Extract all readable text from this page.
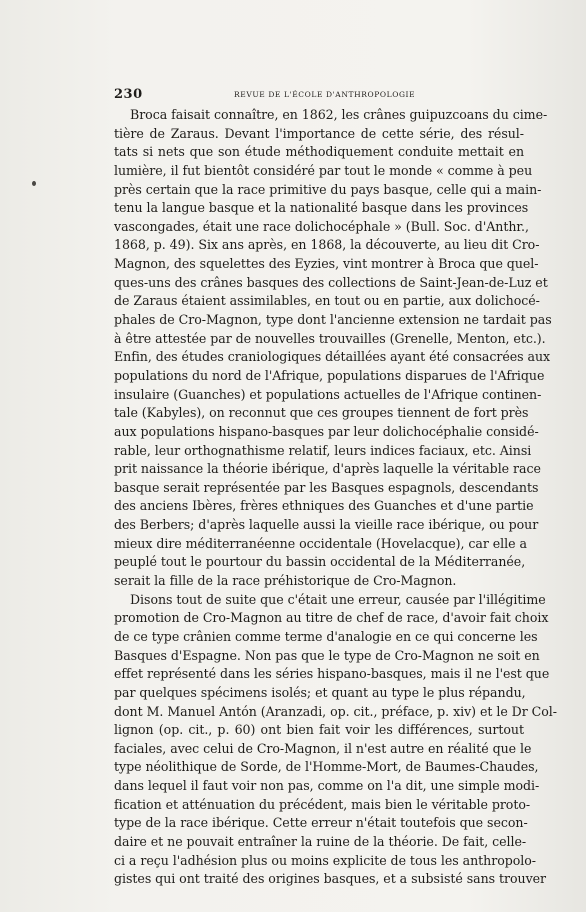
230	REVUE DE L'ÉCOLE D'ANTHROPOLOGIE
Broca faisait connaître, en 1862, les crânes guipuzcoans du cime-
tière de Zaraus. Devant l'importance de cette série, des résul-
tats si nets que son étude méthodiquement conduite mettait en
lumière, il fut bientôt considéré par tout le monde « comme à peu
près certain que la race primitive du pays basque, celle qui a main-
tenu la langue basque et la nationalité basque dans les provinces
vascongades, était une race dolichocéphale » (Bull. Soc. d'Anthr.,
1868, p. 49). Six ans après, en 1868, la découverte, au lieu dit Cro-
Magnon, des squelettes des Eyzies, vint montrer à Broca que quel-
ques-uns des crânes basques des collections de Saint-Jean-de-Luz et
de Zaraus étaient assimilables, en tout ou en partie, aux dolichocé-
phales de Cro-Magnon, type dont l'ancienne extension ne tardait pas
à être attestée par de nouvelles trouvailles (Grenelle, Menton, etc.).
Enfin, des études craniologiques détaillées ayant été consacrées aux
populations du nord de l'Afrique, populations disparues de l'Afrique
insulaire (Guanches) et populations actuelles de l'Afrique continen-
tale (Kabyles), on reconnut que ces groupes tiennent de fort près
aux populations hispano-basques par leur dolichocéphalie considé-
rable, leur orthognathisme relatif, leurs indices faciaux, etc. Ainsi
prit naissance la théorie ibérique, d'après laquelle la véritable race
basque serait représentée par les Basques espagnols, descendants
des anciens Ibères, frères ethniques des Guanches et d'une partie
des Berbers; d'après laquelle aussi la vieille race ibérique, ou pour
mieux dire méditerranéenne occidentale (Hovelacque), car elle a
peuplé tout le pourtour du bassin occidental de la Méditerranée,
serait la fille de la race préhistorique de Cro-Magnon.
Disons tout de suite que c'était une erreur, causée par l'illégitime
promotion de Cro-Magnon au titre de chef de race, d'avoir fait choix
de ce type crânien comme terme d'analogie en ce qui concerne les
Basques d'Espagne. Non pas que le type de Cro-Magnon ne soit en
effet représenté dans les séries hispano-basques, mais il ne l'est que
par quelques spécimens isolés; et quant au type le plus répandu,
dont M. Manuel Antón (Aranzadi, op. cit., préface, p. xiv) et le Dr Col-
lignon (op. cit., p. 60) ont bien fait voir les différences, surtout
faciales, avec celui de Cro-Magnon, il n'est autre en réalité que le
type néolithique de Sorde, de l'Homme-Mort, de Baumes-Chaudes,
dans lequel il faut voir non pas, comme on l'a dit, une simple modi-
fication et atténuation du précédent, mais bien le véritable proto-
type de la race ibérique. Cette erreur n'était toutefois que secon-
daire et ne pouvait entraîner la ruine de la théorie. De fait, celle-
ci a reçu l'adhésion plus ou moins explicite de tous les anthropolo-
gistes qui ont traité des origines basques, et a subsisté sans trouver
